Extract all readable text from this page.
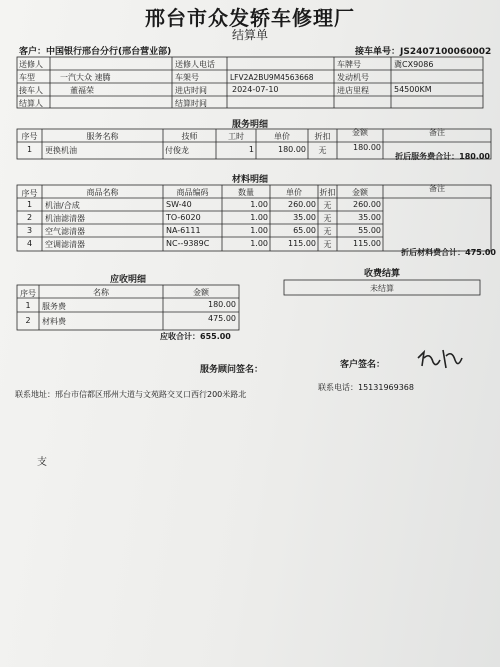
邢台市众发轿车修理厂
结算单
客户：中国银行邢台分行(邢台营业部)	接车单号：JS2407100060002
送修人	送修人电话	车牌号	冀CX9086
车型	一汽大众 速腾	车架号	LFV2A2BU9M4563668	发动机号
接车人	董福荣	进店时间	2024-07-10	进店里程	54500KM
结算人	结算时间
服务明细
序号	服务名称	技师	工时	单价	折扣	金额	备注
1	更换机油	付俊龙	1	180.00	无	180.00
折后服务费合计：180.00
材料明细
序号	商品名称	商品编码	数量	单价	折扣	金额	备注
1	机油/合成	SW-40	1.00	260.00 无	260.00
2	机油滤清器	TO-6020	1.00	35.00 无	35.00
3	空气滤清器	NA-6111	1.00	65.00 无	55.00
4	空调滤清器	NC--9389C	1.00	115.00 无	115.00
折后材料费合计：475.00
应收明细
序号	名称	金额
1	服务费	180.00
2	材料费	475.00
应收合计：655.00
收费结算
未结算
服务顾问签名：	客户签名：
联系地址：邢台市信都区邢州大道与文苑路交叉口西行200米路北
联系电话：15131969368
支
